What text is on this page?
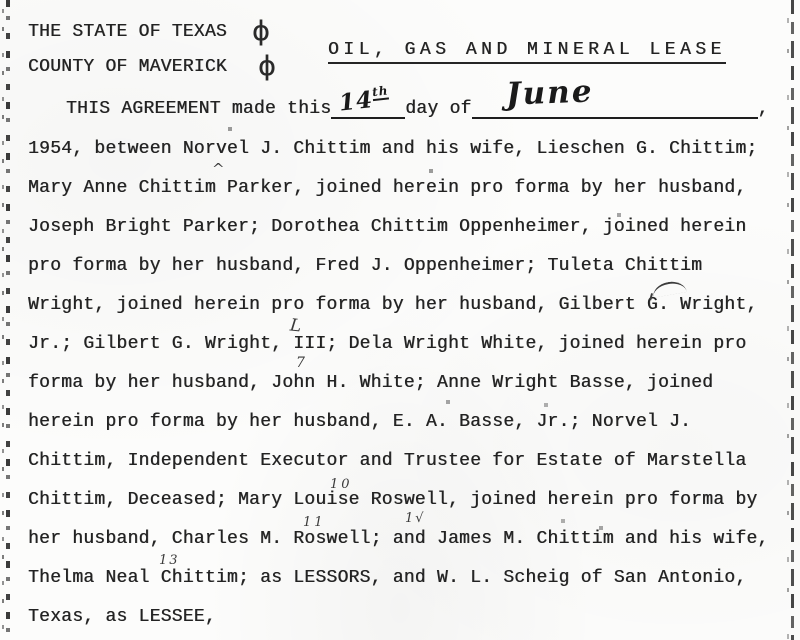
THE STATE OF TEXAS
COUNTY OF MAVERICK
ϕ
ϕ
OIL, GAS AND MINERAL LEASE
THIS AGREEMENT made this 14th
day of June	,
1954, between Norvel J. Chittim and his wife, Lieschen G. Chittim;
Mary Anne Chittim Parker, joined herein pro forma by her husband,
Joseph Bright Parker; Dorothea Chittim Oppenheimer, joined herein
pro forma by her husband, Fred J. Oppenheimer; Tuleta Chittim
Wright, joined herein pro forma by her husband, Gilbert G. Wright,
Jr.; Gilbert G. Wright, III; Dela Wright White, joined herein pro
forma by her husband, John H. White; Anne Wright Basse, joined
herein pro forma by her husband, E. A. Basse, Jr.; Norvel J.
Chittim, Independent Executor and Trustee for Estate of Marstella
Chittim, Deceased; Mary Louise Roswell, joined herein pro forma by
her husband, Charles M. Roswell; and James M. Chittim and his wife,
Thelma Neal Chittim; as LESSORS, and W. L. Scheig of San Antonio,
Texas, as LESSEE,
^
L
7
10
11	1√
13
